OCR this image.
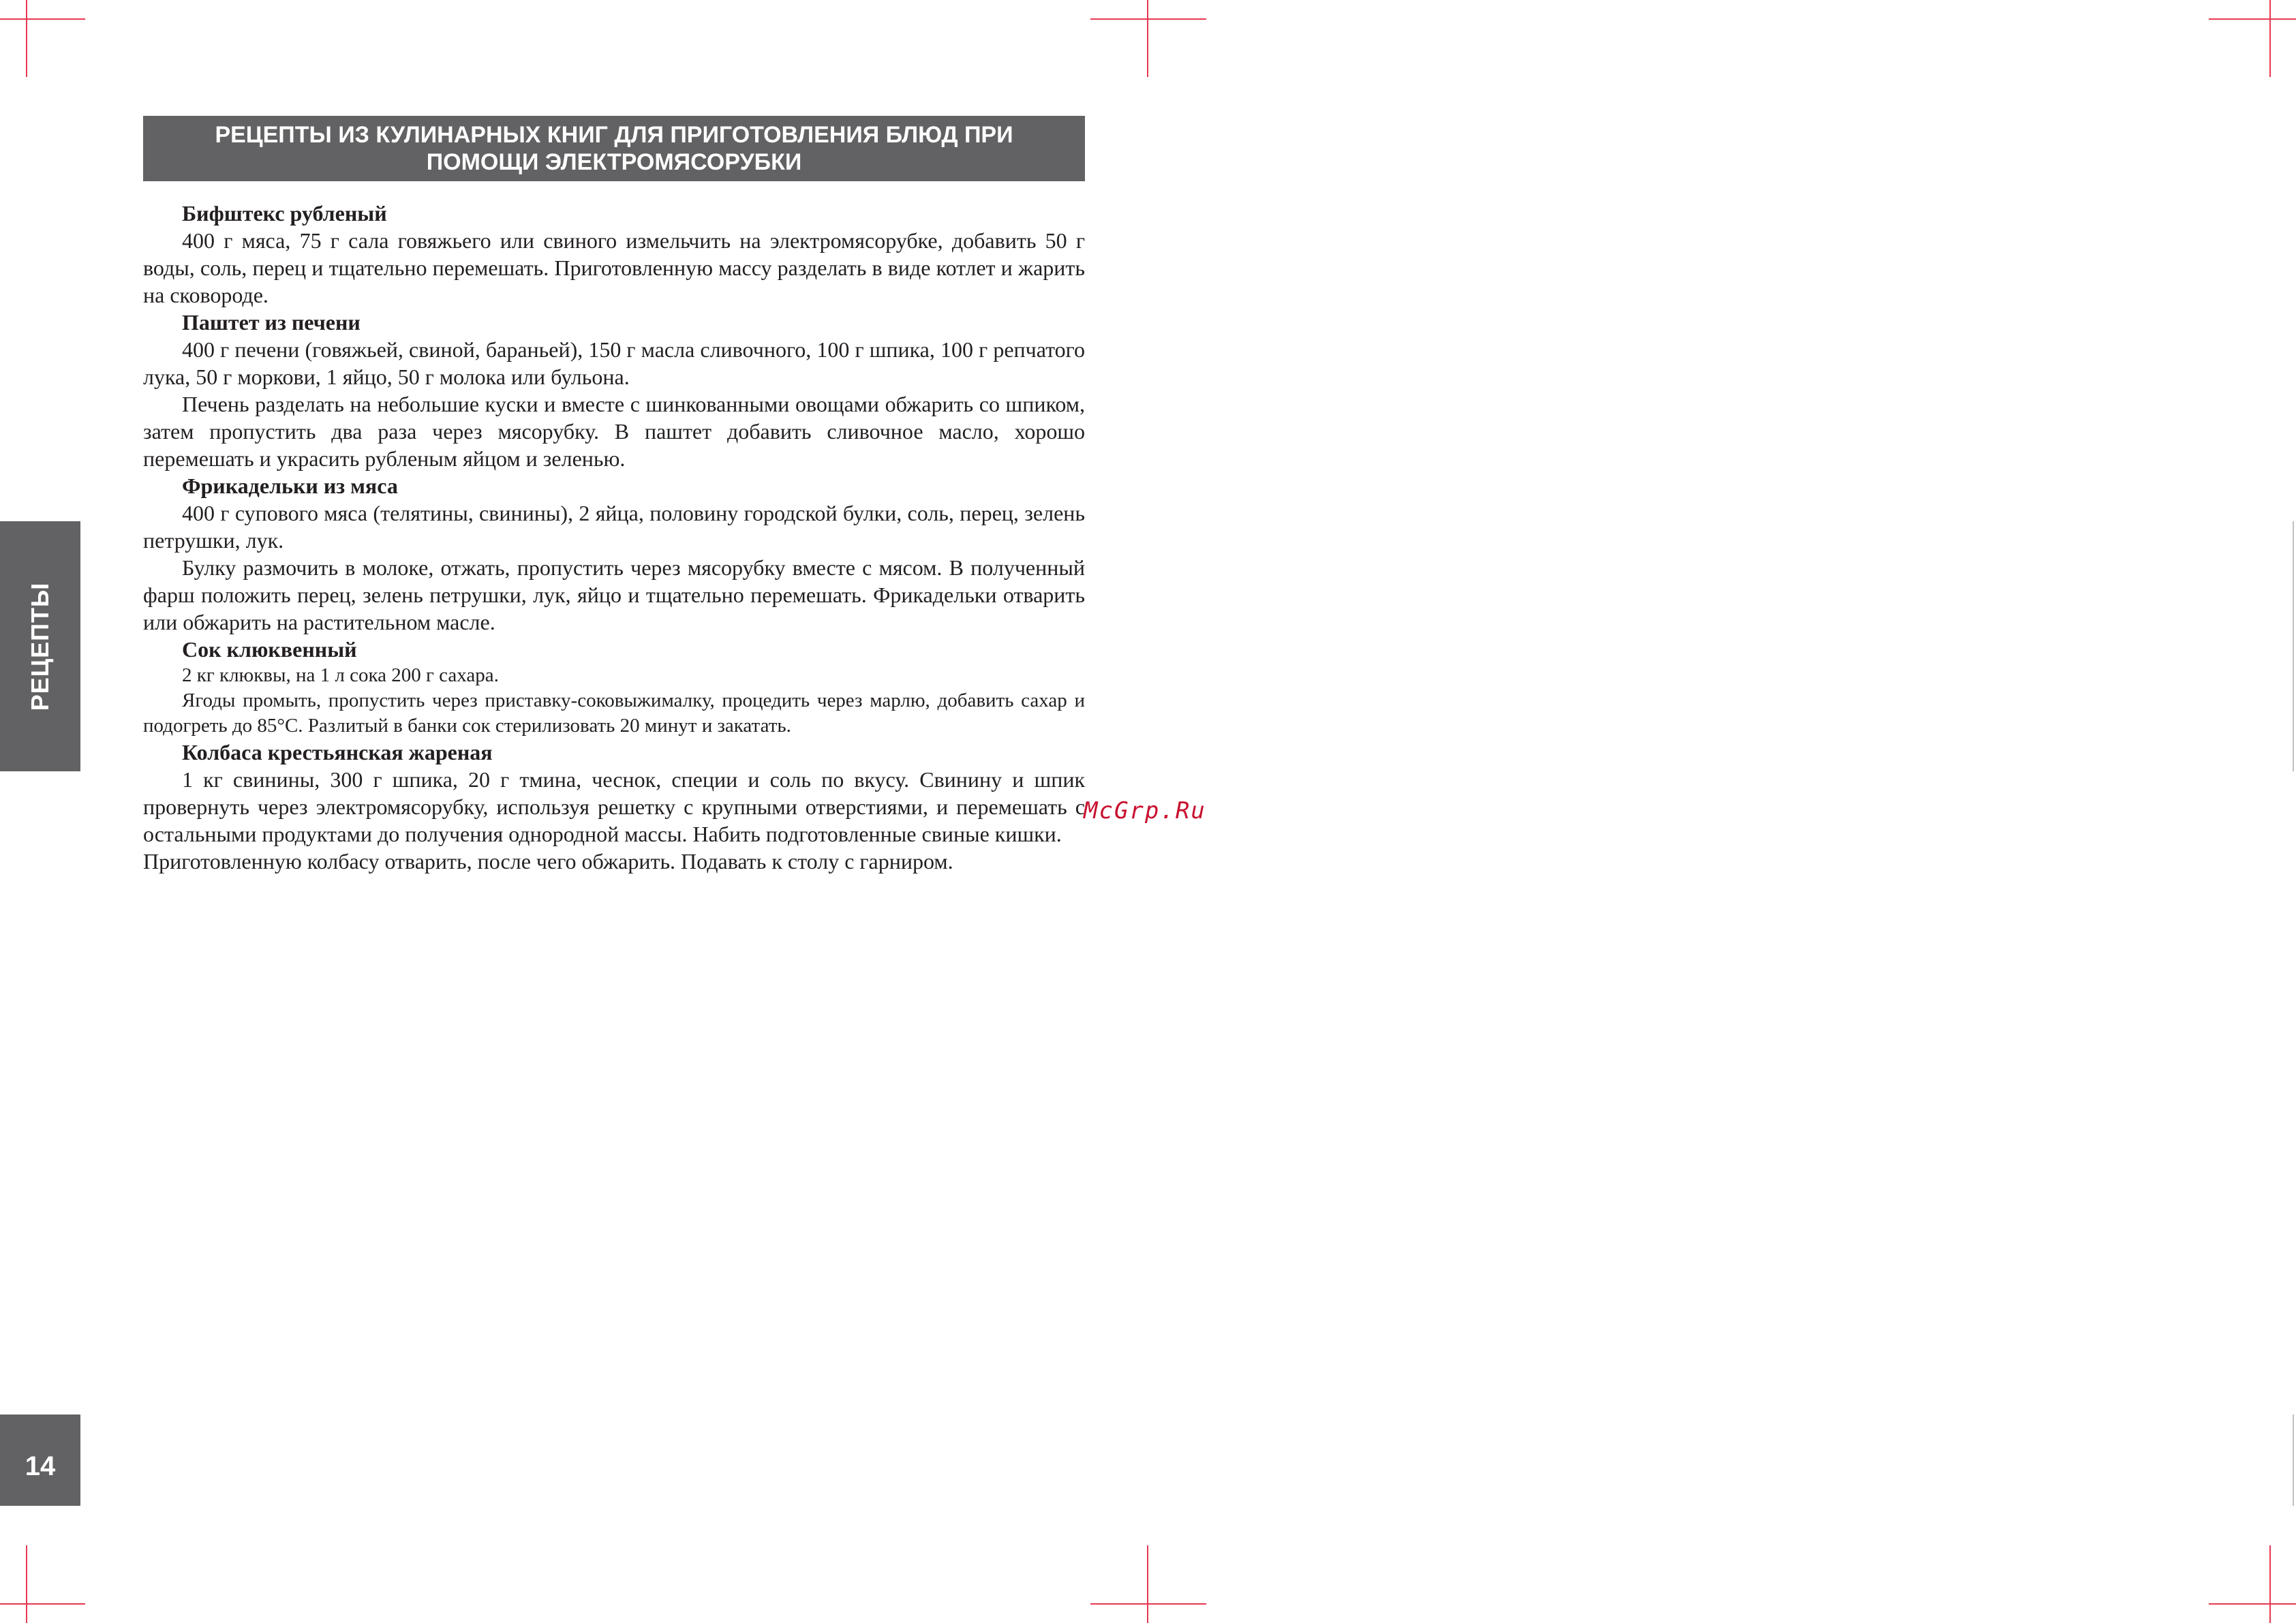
РЕЦЕПТЫ
14
РЕЦЕПТЫ ИЗ КУЛИНАРНЫХ КНИГ ДЛЯ ПРИГОТОВЛЕНИЯ БЛЮД ПРИ
ПОМОЩИ ЭЛЕКТРОМЯСОРУБКИ

Бифштекс рубленый

400 г мяса, 75 г сала говяжьего или свиного измельчить на электромясорубке, добавить 50 г воды, соль, перец и тщательно перемешать. Приготовленную массу разделать в виде котлет и жарить на сковороде.

Паштет из печени

400 г печени (говяжьей, свиной, бараньей), 150 г масла сливочного, 100 г шпика, 100 г репчатого лука, 50 г моркови, 1 яйцо, 50 г молока или бульона.

Печень разделать на небольшие куски и вместе с шинкованными овощами обжарить со шпиком, затем пропустить два раза через мясорубку. В паштет добавить сливочное масло, хорошо перемешать и украсить рубленым яйцом и зеленью.

Фрикадельки из мяса

400 г супового мяса (телятины, свинины), 2 яйца, половину городской булки, соль, перец, зелень петрушки, лук.

Булку размочить в молоке, отжать, пропустить через мясорубку вместе с мясом. В полученный фарш положить перец, зелень петрушки, лук, яйцо и тщательно перемешать. Фрикадельки отварить или обжарить на растительном масле.

Сок клюквенный

2 кг клюквы, на 1 л сока 200 г сахара.

Ягоды промыть, пропустить через приставку-соковыжималку, процедить через марлю, добавить сахар и подогреть до 85°C. Разлитый в банки сок стерилизовать 20 минут и закатать.

Колбаса крестьянская жареная

1 кг свинины, 300 г шпика, 20 г тмина, чеснок, специи и соль по вкусу. Свинину и шпик провернуть через электромясорубку, используя решетку с крупными отверстиями, и перемешать с остальными продуктами до получения однородной массы. Набить подготовленные свиные кишки.

Приготовленную колбасу отварить, после чего обжарить. Подавать к столу с гарниром.

McGrp.Ru
